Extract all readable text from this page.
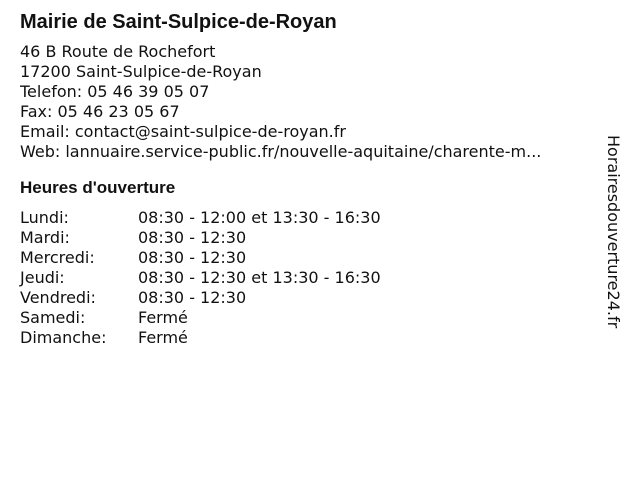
Mairie de Saint-Sulpice-de-Royan
46 B Route de Rochefort
17200 Saint-Sulpice-de-Royan
Telefon: 05 46 39 05 07
Fax: 05 46 23 05 67
Email: contact@saint-sulpice-de-royan.fr
Web: lannuaire.service-public.fr/nouvelle-aquitaine/charente-m...
Heures d'ouverture
Lundi:	08:30 - 12:00 et 13:30 - 16:30
Mardi:	08:30 - 12:30
Mercredi:	08:30 - 12:30
Jeudi:	08:30 - 12:30 et 13:30 - 16:30
Vendredi:	08:30 - 12:30
Samedi:	Fermé
Dimanche:	Fermé
Horairesdouverture24.fr
